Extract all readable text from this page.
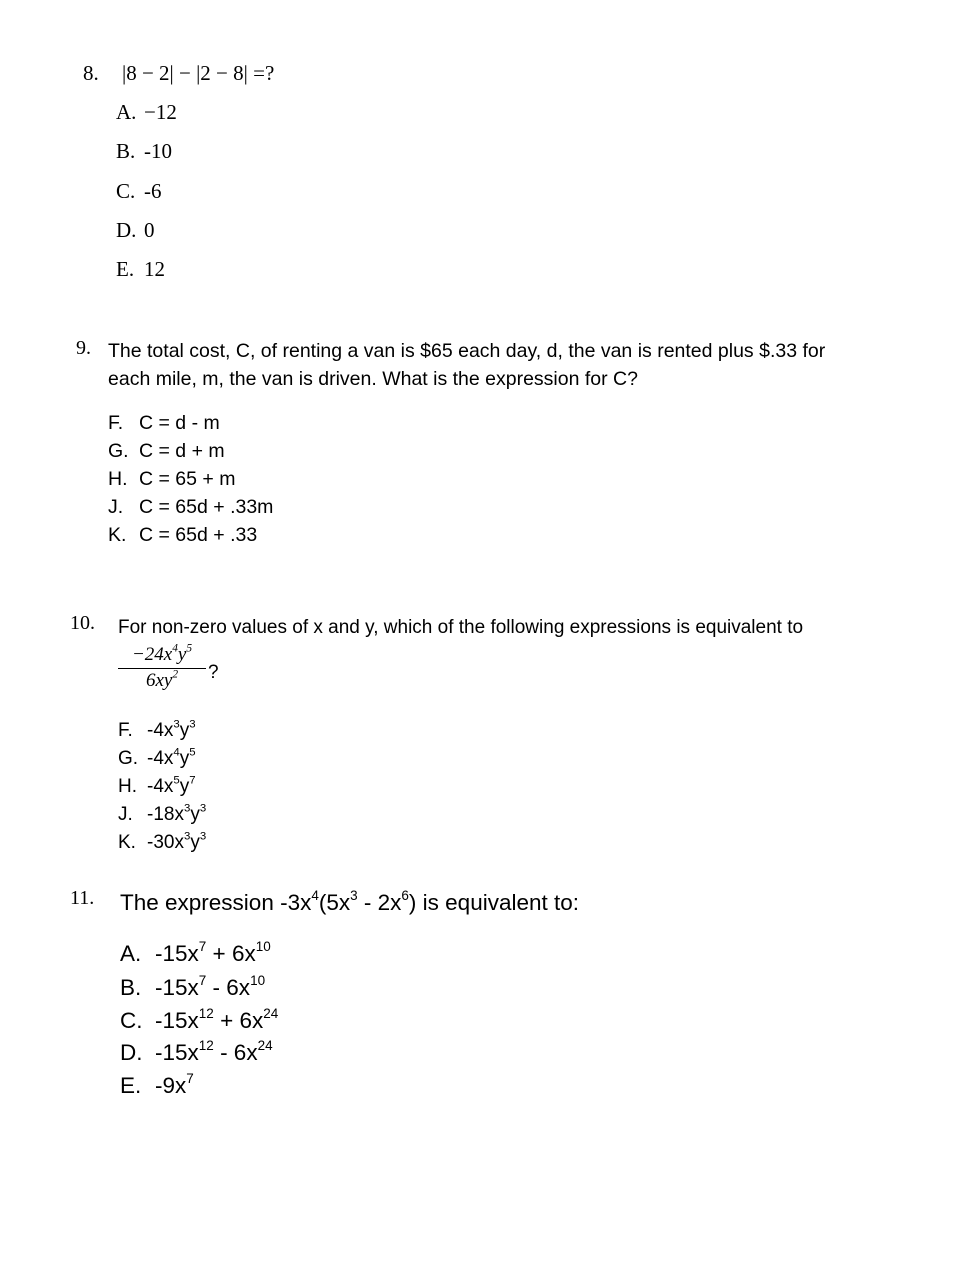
8. |8 − 2| − |2 − 8| =?
A. −12
B. -10
C. -6
D. 0
E. 12
9. The total cost, C, of renting a van is $65 each day, d, the van is rented plus $.33 for
each mile, m, the van is driven. What is the expression for C?
F. C = d - m
G. C = d + m
H. C = 65 + m
J. C = 65d + .33m
K. C = 65d + .33
10. For non-zero values of x and y, which of the following expressions is equivalent to
$\frac{-24x^4y^5}{6xy^2}$ ?
F. $-4x^3y^3$
G. $-4x^4y^5$
H. $-4x^5y^7$
J. $-18x^3y^3$
K. $-30x^3y^3$
11. The expression $-3x^4(5x^3 - 2x^6)$ is equivalent to:
A. $-15x^7 + 6x^{10}$
B. $-15x^7 - 6x^{10}$
C. $-15x^{12} + 6x^{24}$
D. $-15x^{12} - 6x^{24}$
E. $-9x^7$
